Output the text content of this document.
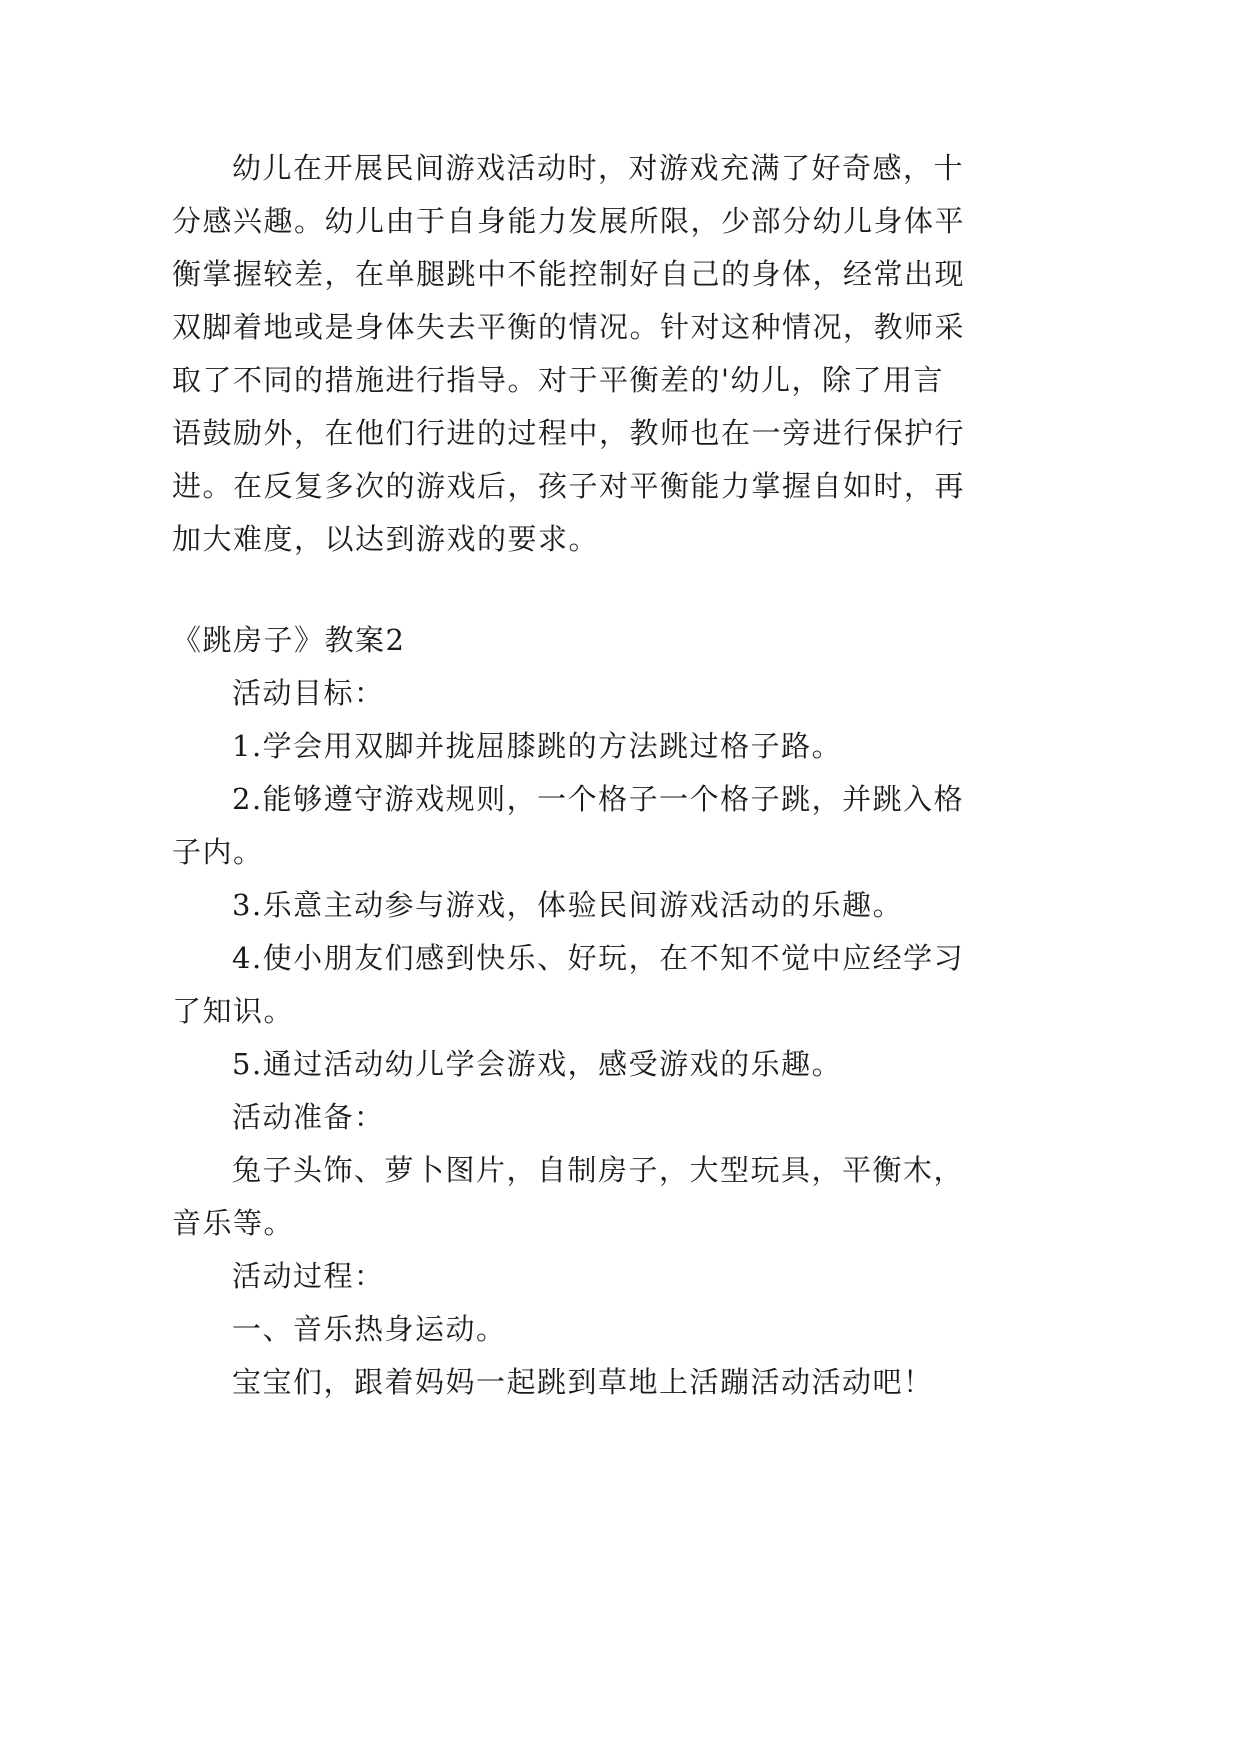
幼儿在开展民间游戏活动时，对游戏充满了好奇感，十
分感兴趣。幼儿由于自身能力发展所限，少部分幼儿身体平
衡掌握较差，在单腿跳中不能控制好自己的身体，经常出现
双脚着地或是身体失去平衡的情况。针对这种情况，教师采
取了不同的措施进行指导。对于平衡差的'幼儿，除了用言
语鼓励外，在他们行进的过程中，教师也在一旁进行保护行
进。在反复多次的游戏后，孩子对平衡能力掌握自如时，再
加大难度，以达到游戏的要求。
《跳房子》教案2
活动目标：
1.学会用双脚并拢屈膝跳的方法跳过格子路。
2.能够遵守游戏规则，一个格子一个格子跳，并跳入格
子内。
3.乐意主动参与游戏，体验民间游戏活动的乐趣。
4.使小朋友们感到快乐、好玩，在不知不觉中应经学习
了知识。
5.通过活动幼儿学会游戏，感受游戏的乐趣。
活动准备：
兔子头饰、萝卜图片，自制房子，大型玩具，平衡木，
音乐等。
活动过程：
一、音乐热身运动。
宝宝们，跟着妈妈一起跳到草地上活蹦活动活动吧！
